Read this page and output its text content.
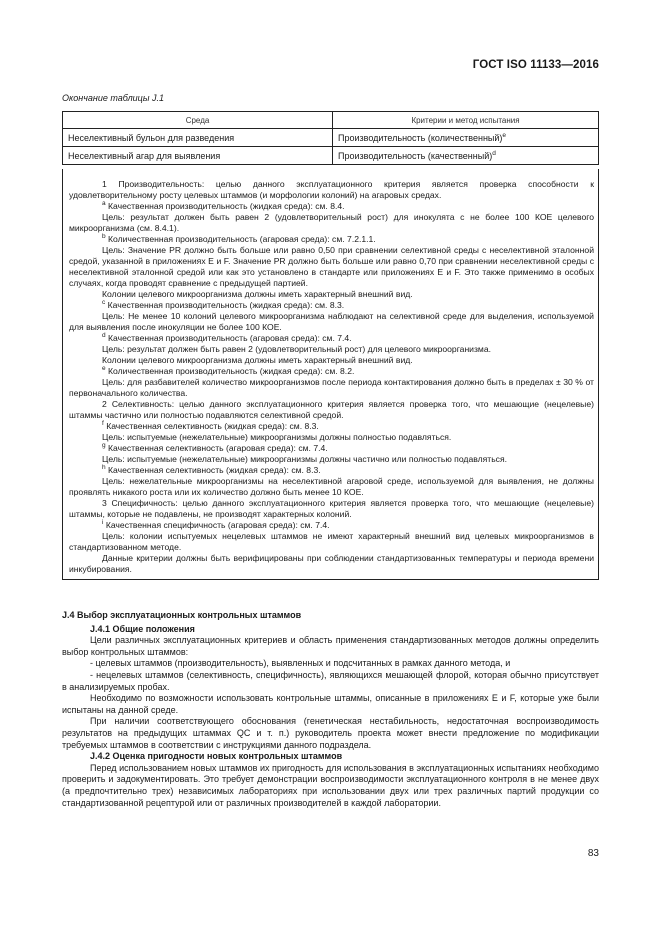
ГОСТ ISO 11133—2016
Окончание таблицы J.1
Среда	Критерии и метод испытания
Неселективный бульон для разведения	Производительность (количественный)$^e$
Неселективный агар для выявления	Производительность (качественный)$^d$

1 Производительность: целью данного эксплуатационного критерия является проверка способности к удовлетворительному росту целевых штаммов (и морфологии колоний) на агаровых средах.

$^a$ Качественная производительность (жидкая среда): см. 8.4.

Цель: результат должен быть равен 2 (удовлетворительный рост) для инокулята с не более 100 КОЕ целевого микроорганизма (см. 8.4.1).

$^b$ Количественная производительность (агаровая среда): см. 7.2.1.1.

Цель: Значение PR должно быть больше или равно 0,50 при сравнении селективной среды с неселективной эталонной средой, указанной в приложениях E и F. Значение PR должно быть больше или равно 0,70 при сравнении неселективной среды с неселективной эталонной средой или как это установлено в стандарте или приложениях E и F. Это также применимо в особых случаях, когда проводят сравнение с предыдущей партией.

Колонии целевого микроорганизма должны иметь характерный внешний вид.

$^c$ Качественная производительность (жидкая среда): см. 8.3.

Цель: Не менее 10 колоний целевого микроорганизма наблюдают на селективной среде для выделения, используемой для выявления после инокуляции не более 100 КОЕ.

$^d$ Качественная производительность (агаровая среда): см. 7.4.

Цель: результат должен быть равен 2 (удовлетворительный рост) для целевого микроорганизма.

Колонии целевого микроорганизма должны иметь характерный внешний вид.

$^e$ Количественная производительность (жидкая среда): см. 8.2.

Цель: для разбавителей количество микроорганизмов после периода контактирования должно быть в пределах ± 30 % от первоначального количества.

2 Селективность: целью данного эксплуатационного критерия является проверка того, что мешающие (нецелевые) штаммы частично или полностью подавляются селективной средой.

$^f$ Качественная селективность (жидкая среда): см. 8.3.

Цель: испытуемые (нежелательные) микроорганизмы должны полностью подавляться.

$^g$ Качественная селективность (агаровая среда): см. 7.4.

Цель: испытуемые (нежелательные) микроорганизмы должны частично или полностью подавляться.

$^h$ Качественная селективность (жидкая среда): см. 8.3.

Цель: нежелательные микроорганизмы на неселективной агаровой среде, используемой для выявления, не должны проявлять никакого роста или их количество должно быть менее 10 КОЕ.

3 Специфичность: целью данного эксплуатационного критерия является проверка того, что мешающие (нецелевые) штаммы, которые не подавлены, не производят характерных колоний.

$^i$ Качественная специфичность (агаровая среда): см. 7.4.

Цель: колонии испытуемых нецелевых штаммов не имеют характерный внешний вид целевых микроорганизмов в стандартизованном методе.

Данные критерии должны быть верифицированы при соблюдении стандартизованных температуры и периода времени инкубирования.

J.4 Выбор эксплуатационных контрольных штаммов
J.4.1 Общие положения

Цели различных эксплуатационных критериев и область применения стандартизованных методов должны определить выбор контрольных штаммов:

- целевых штаммов (производительность), выявленных и подсчитанных в рамках данного метода, и

- нецелевых штаммов (селективность, специфичность), являющихся мешающей флорой, которая обычно присутствует в анализируемых пробах.

Необходимо по возможности использовать контрольные штаммы, описанные в приложениях E и F, которые уже были испытаны на данной среде.

При наличии соответствующего обоснования (генетическая нестабильность, недостаточная воспроизводимость результатов на предыдущих штаммах QC и т. п.) руководитель проекта может внести предложение по модификации требуемых штаммов в соответствии с инструкциями данного подраздела.

J.4.2 Оценка пригодности новых контрольных штаммов

Перед использованием новых штаммов их пригодность для использования в эксплуатационных испытаниях необходимо проверить и задокументировать. Это требует демонстрации воспроизводимости эксплуатационного контроля в не менее двух (а предпочтительно трех) независимых лабораториях при использовании двух или трех различных партий продукции со стандартизованной рецептурой или от различных производителей в каждой лаборатории.

83
